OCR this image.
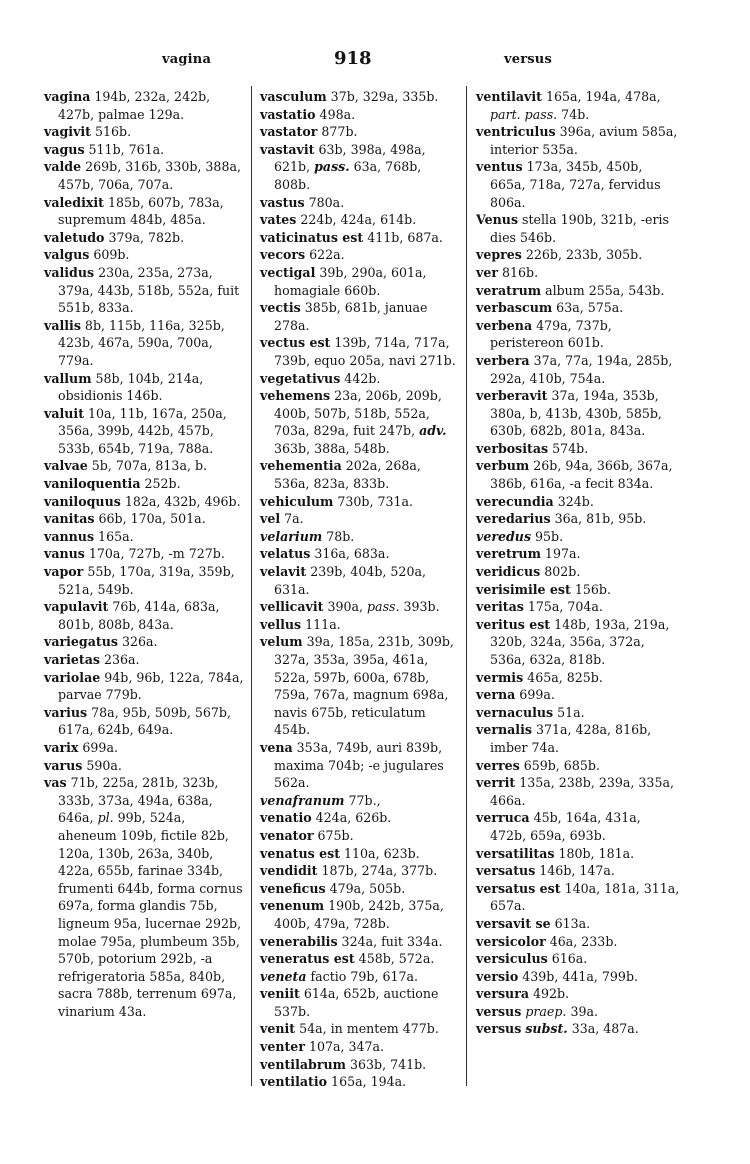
vagina	918	versus
vagina 194b, 232a, 242b, 427b, palmae 129a.
vagivit 516b.
vagus 511b, 761a.
valde 269b, 316b, 330b, 388a, 457b, 706a, 707a.
valedixit 185b, 607b, 783a, supremum 484b, 485a.
valetudo 379a, 782b.
valgus 609b.
validus 230a, 235a, 273a, 379a, 443b, 518b, 552a, fuit 551b, 833a.
vallis 8b, 115b, 116a, 325b, 423b, 467a, 590a, 700a, 779a.
vallum 58b, 104b, 214a, obsidionis 146b.
valuit 10a, 11b, 167a, 250a, 356a, 399b, 442b, 457b, 533b, 654b, 719a, 788a.
valvae 5b, 707a, 813a, b.
vaniloquentia 252b.
vaniloquus 182a, 432b, 496b.
vanitas 66b, 170a, 501a.
vannus 165a.
vanus 170a, 727b, -m 727b.
vapor 55b, 170a, 319a, 359b, 521a, 549b.
vapulavit 76b, 414a, 683a, 801b, 808b, 843a.
variegatus 326a.
varietas 236a.
variolae 94b, 96b, 122a, 784a, parvae 779b.
varius 78a, 95b, 509b, 567b, 617a, 624b, 649a.
varix 699a.
varus 590a.
vas 71b, 225a, 281b, 323b, 333b, 373a, 494a, 638a, 646a, pl. 99b, 524a, aheneum 109b, fictile 82b, 120a, 130b, 263a, 340b, 422a, 655b, farinae 334b, frumenti 644b, forma cornus 697a, forma glandis 75b, ligneum 95a, lucernae 292b, molae 795a, plumbeum 35b, 570b, potorium 292b, -a refrigeratoria 585a, 840b, sacra 788b, terrenum 697a, vinarium 43a.
vasculum 37b, 329a, 335b.
vastatio 498a.
vastator 877b.
vastavit 63b, 398a, 498a, 621b, pass. 63a, 768b, 808b.
vastus 780a.
vates 224b, 424a, 614b.
vaticinatus est 411b, 687a.
vecors 622a.
vectigal 39b, 290a, 601a, homagiale 660b.
vectis 385b, 681b, januae 278a.
vectus est 139b, 714a, 717a, 739b, equo 205a, navi 271b.
vegetativus 442b.
vehemens 23a, 206b, 209b, 400b, 507b, 518b, 552a, 703a, 829a, fuit 247b, adv. 363b, 388a, 548b.
vehementia 202a, 268a, 536a, 823a, 833b.
vehiculum 730b, 731a.
vel 7a.
velarium 78b.
velatus 316a, 683a.
velavit 239b, 404b, 520a, 631a.
vellicavit 390a, pass. 393b.
vellus 111a.
velum 39a, 185a, 231b, 309b, 327a, 353a, 395a, 461a, 522a, 597b, 600a, 678b, 759a, 767a, magnum 698a, navis 675b, reticulatum 454b.
vena 353a, 749b, auri 839b, maxima 704b; -e jugulares 562a.
venafranum 77b.,
venatio 424a, 626b.
venator 675b.
venatus est 110a, 623b.
vendidit 187b, 274a, 377b.
veneficus 479a, 505b.
venenum 190b, 242b, 375a, 400b, 479a, 728b.
venerabilis 324a, fuit 334a.
veneratus est 458b, 572a.
veneta factio 79b, 617a.
veniit 614a, 652b, auctione 537b.
venit 54a, in mentem 477b.
venter 107a, 347a.
ventilabrum 363b, 741b.
ventilatio 165a, 194a.
ventilavit 165a, 194a, 478a, part. pass. 74b.
ventriculus 396a, avium 585a, interior 535a.
ventus 173a, 345b, 450b, 665a, 718a, 727a, fervidus 806a.
Venus stella 190b, 321b, -eris dies 546b.
vepres 226b, 233b, 305b.
ver 816b.
veratrum album 255a, 543b.
verbascum 63a, 575a.
verbena 479a, 737b, peristereon 601b.
verbera 37a, 77a, 194a, 285b, 292a, 410b, 754a.
verberavit 37a, 194a, 353b, 380a, b, 413b, 430b, 585b, 630b, 682b, 801a, 843a.
verbositas 574b.
verbum 26b, 94a, 366b, 367a, 386b, 616a, -a fecit 834a.
verecundia 324b.
veredarius 36a, 81b, 95b.
veredus 95b.
veretrum 197a.
veridicus 802b.
verisimile est 156b.
veritas 175a, 704a.
veritus est 148b, 193a, 219a, 320b, 324a, 356a, 372a, 536a, 632a, 818b.
vermis 465a, 825b.
verna 699a.
vernaculus 51a.
vernalis 371a, 428a, 816b, imber 74a.
verres 659b, 685b.
verrit 135a, 238b, 239a, 335a, 466a.
verruca 45b, 164a, 431a, 472b, 659a, 693b.
versatilitas 180b, 181a.
versatus 146b, 147a.
versatus est 140a, 181a, 311a, 657a.
versavit se 613a.
versicolor 46a, 233b.
versiculus 616a.
versio 439b, 441a, 799b.
versura 492b.
versus praep. 39a.
versus subst. 33a, 487a.
